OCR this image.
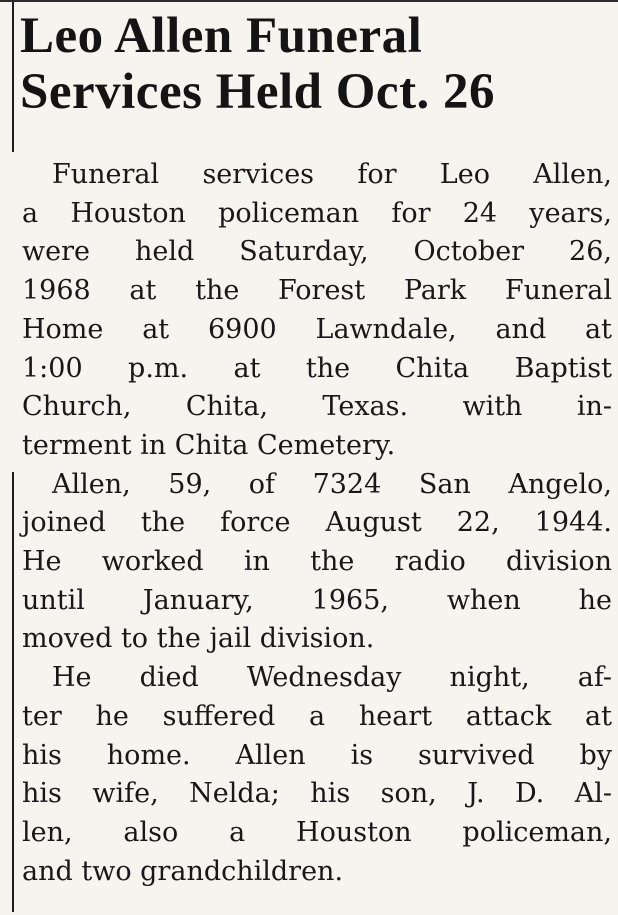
Leo Allen Funeral
Services Held Oct. 26

Funeral services for Leo Allen,
a Houston policeman for 24 years,
were held Saturday, October 26,
1968 at the Forest Park Funeral
Home at 6900 Lawndale, and at
1:00 p.m. at the Chita Baptist
Church, Chita, Texas. with in-
terment in Chita Cemetery.

Allen, 59, of 7324 San Angelo,
joined the force August 22, 1944.
He worked in the radio division
until January, 1965, when he
moved to the jail division.

He died Wednesday night, af-
ter he suffered a heart attack at
his home. Allen is survived by
his wife, Nelda; his son, J. D. Al-
len, also a Houston policeman,
and two grandchildren.
